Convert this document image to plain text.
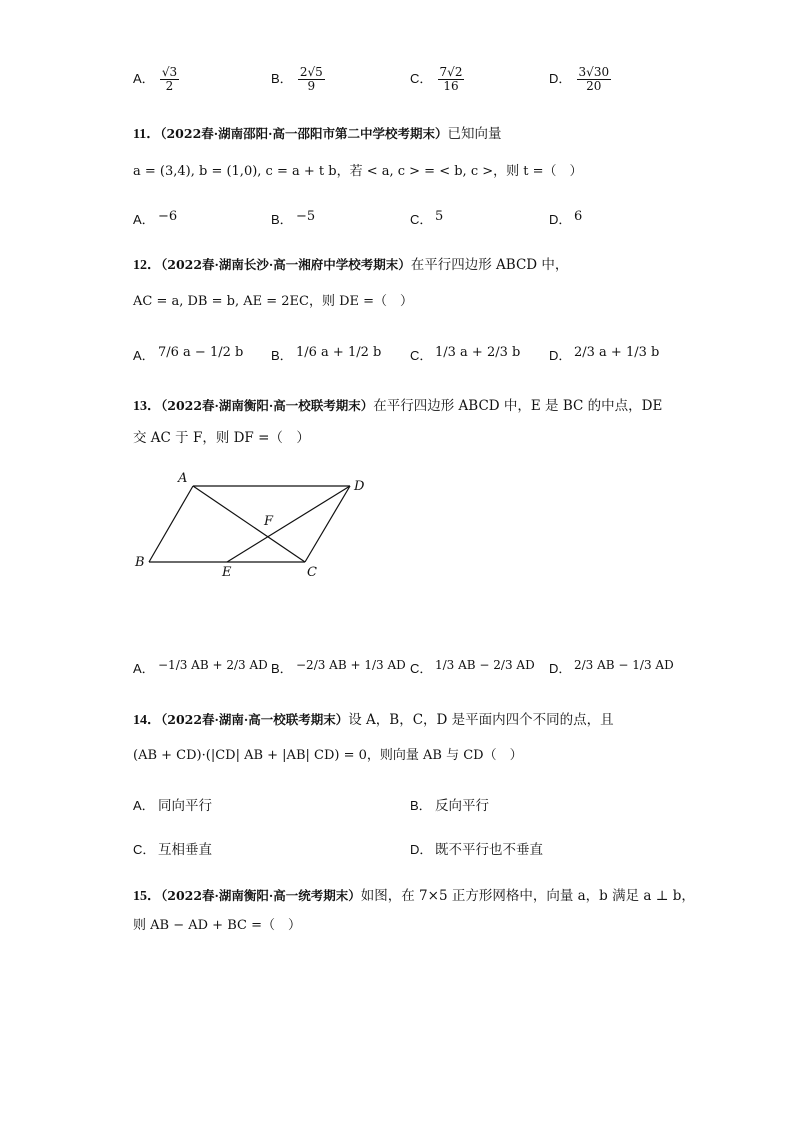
A． $\frac{√3}{2}$	B． $\frac{2√5}{9}$	C． $\frac{7√2}{16}$	D． $\frac{3√30}{20}$
11．（2022春·湖南邵阳·高一邵阳市第二中学校考期末）已知向量
a = (3,4), b = (1,0), c = a + t b，若 < a, c > = < b, c >，则 t =（　）
A． −6	B． −5	C． 5	D． 6
12．（2022春·湖南长沙·高一湘府中学校考期末）在平行四边形 ABCD 中，
AC = a, DB = b, AE = 2EC，则 DE =（　）
A． 7/6 a − 1/2 b B． 1/6 a + 1/2 b C． 1/3 a + 2/3 b D． 2/3 a + 1/3 b
13．（2022春·湖南衡阳·高一校联考期末）在平行四边形 ABCD 中，E 是 BC 的中点，DE
交 AC 于 F，则 DF =（　）
A
D
B
C
E
F
A． −1/3 AB + 2/3 AD B． −2/3 AB + 1/3 AD C． 1/3 AB − 2/3 AD D． 2/3 AB − 1/3 AD
14．（2022春·湖南·高一校联考期末）设 A，B，C，D 是平面内四个不同的点，且
(AB + CD)·(|CD| AB + |AB| CD) = 0，则向量 AB 与 CD（　）
A． 同向平行	B． 反向平行
C． 互相垂直	D． 既不平行也不垂直
15．（2022春·湖南衡阳·高一统考期末）如图，在 7×5 正方形网格中，向量 a，b 满足 a ⊥ b，
则 AB − AD + BC =（　）
